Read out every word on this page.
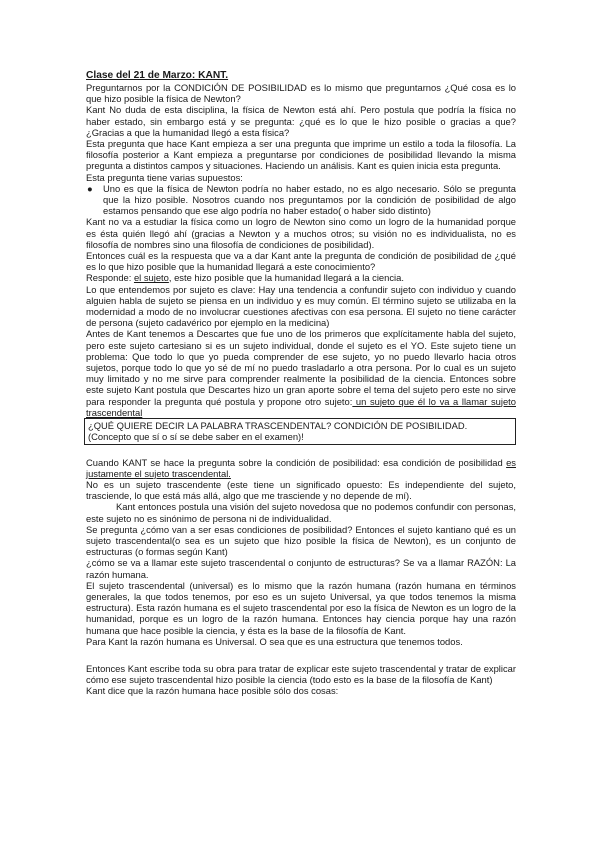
Clase del 21 de Marzo: KANT.

Preguntarnos por la CONDICIÓN DE POSIBILIDAD es lo mismo que preguntarnos ¿Qué cosa es lo que hizo posible la física de Newton?

Kant No duda de esta disciplina, la física de Newton está ahí. Pero postula que podría la física no haber estado, sin embargo está y se pregunta: ¿qué es lo que le hizo posible o gracias a que? ¿Gracias a que la humanidad llegó a esta física?

Esta pregunta que hace Kant empieza a ser una pregunta que imprime un estilo a toda la filosofía. La filosofía posterior a Kant empieza a preguntarse por condiciones de posibilidad llevando la misma pregunta a distintos campos y situaciones. Haciendo un análisis. Kant es quien inicia esta pregunta.

Esta pregunta tiene varias supuestos:

●	Uno es que la física de Newton podría no haber estado, no es algo necesario. Sólo se pregunta que la hizo posible. Nosotros cuando nos preguntamos por la condición de posibilidad de algo estamos pensando que ese algo podría no haber estado( o haber sido distinto)

Kant no va a estudiar la física como un logro de Newton sino como un logro de la humanidad porque es ésta quién llegó ahí (gracias a Newton y a muchos otros; su visión no es individualista, no es filosofía de nombres sino una filosofía de condiciones de posibilidad).

Entonces cuál es la respuesta que va a dar Kant ante la pregunta de condición de posibilidad de ¿qué es lo que hizo posible que la humanidad llegará a este conocimiento?

Responde: el sujeto, este hizo posible que la humanidad llegará a la ciencia.

Lo que entendemos por sujeto es clave: Hay una tendencia a confundir sujeto con individuo y cuando alguien habla de sujeto se piensa en un individuo y es muy común. El término sujeto se utilizaba en la modernidad a modo de no involucrar cuestiones afectivas con esa persona. El sujeto no tiene carácter de persona (sujeto cadavérico por ejemplo en la medicina)

Antes de Kant tenemos a Descartes que fue uno de los primeros que explícitamente habla del sujeto, pero este sujeto cartesiano si es un sujeto individual, donde el sujeto es el YO. Este sujeto tiene un problema: Que todo lo que yo pueda comprender de ese sujeto, yo no puedo llevarlo hacia otros sujetos, porque todo lo que yo sé de mí no puedo trasladarlo a otra persona. Por lo cual es un sujeto muy limitado y no me sirve para comprender realmente la posibilidad de la ciencia. Entonces sobre este sujeto Kant postula que Descartes hizo un gran aporte sobre el tema del sujeto pero este no sirve para responder la pregunta qué postula y propone otro sujeto: un sujeto que él lo va a llamar sujeto trascendental

¿QUÉ QUIERE DECIR LA PALABRA TRASCENDENTAL? CONDICIÓN DE POSIBILIDAD. (Concepto que sí o sí se debe saber en el examen)!

Cuando KANT se hace la pregunta sobre la condición de posibilidad: esa condición de posibilidad es justamente el sujeto trascendental.

No es un sujeto trascendente (este tiene un significado opuesto: Es independiente del sujeto, trasciende, lo que está más allá, algo que me trasciende y no depende de mí).

Kant entonces postula una visión del sujeto novedosa que no podemos confundir con personas, este sujeto no es sinónimo de persona ni de individualidad.

Se pregunta ¿cómo van a ser esas condiciones de posibilidad? Entonces el sujeto kantiano qué es un sujeto trascendental(o sea es un sujeto que hizo posible la física de Newton), es un conjunto de estructuras (o formas según Kant)

¿cómo se va a llamar este sujeto trascendental o conjunto de estructuras? Se va a llamar RAZÓN: La razón humana.

El sujeto trascendental (universal) es lo mismo que la razón humana (razón humana en términos generales, la que todos tenemos, por eso es un sujeto Universal, ya que todos tenemos la misma estructura). Esta razón humana es el sujeto trascendental por eso la física de Newton es un logro de la humanidad, porque es un logro de la razón humana. Entonces hay ciencia porque hay una razón humana que hace posible la ciencia, y ésta es la base de la filosofía de Kant.

Para Kant la razón humana es Universal. O sea que es una estructura que tenemos todos.

Entonces Kant escribe toda su obra para tratar de explicar este sujeto trascendental y tratar de explicar cómo ese sujeto trascendental hizo posible la ciencia (todo esto es la base de la filosofía de Kant)

Kant dice que la razón humana hace posible sólo dos cosas:
